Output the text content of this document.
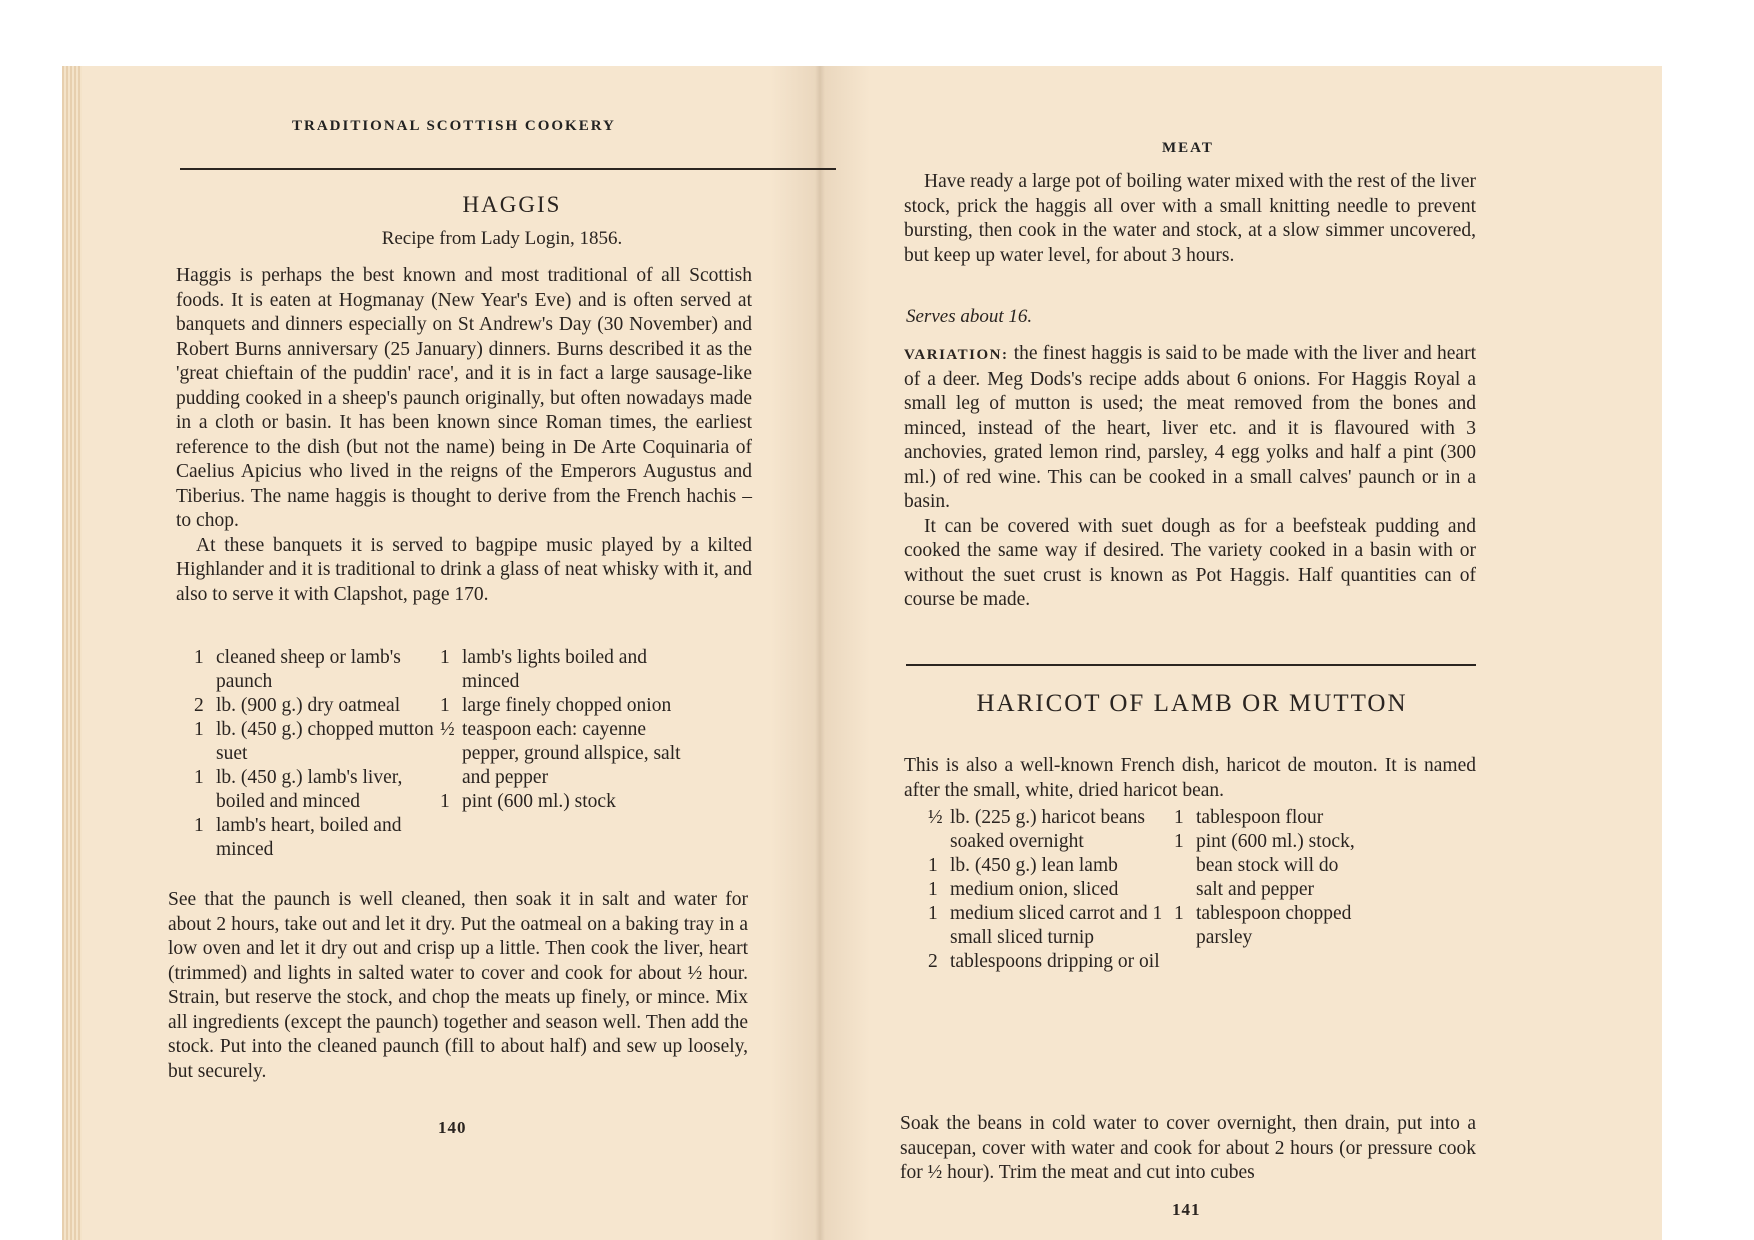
TRADITIONAL SCOTTISH COOKERY
HAGGIS
Recipe from Lady Login, 1856.

Haggis is perhaps the best known and most traditional of all Scottish foods. It is eaten at Hogmanay (New Year's Eve) and is often served at banquets and dinners especially on St Andrew's Day (30 November) and Robert Burns anniversary (25 January) dinners. Burns described it as the 'great chieftain of the puddin' race', and it is in fact a large sausage-like pudding cooked in a sheep's paunch originally, but often nowadays made in a cloth or basin. It has been known since Roman times, the earliest reference to the dish (but not the name) being in De Arte Coquinaria of Caelius Apicius who lived in the reigns of the Emperors Augustus and Tiberius. The name haggis is thought to derive from the French hachis – to chop.

At these banquets it is served to bagpipe music played by a kilted Highlander and it is traditional to drink a glass of neat whisky with it, and also to serve it with Clapshot, page 170.

1 cleaned sheep or lamb's paunch
2 lb. (900 g.) dry oatmeal
1 lb. (450 g.) chopped mutton suet
1 lb. (450 g.) lamb's liver, boiled and minced
1 lamb's heart, boiled and minced
1 lamb's lights boiled and minced
1 large finely chopped onion
½ teaspoon each: cayenne pepper, ground allspice, salt and pepper
1 pint (600 ml.) stock
See that the paunch is well cleaned, then soak it in salt and water for about 2 hours, take out and let it dry. Put the oatmeal on a baking tray in a low oven and let it dry out and crisp up a little. Then cook the liver, heart (trimmed) and lights in salted water to cover and cook for about ½ hour. Strain, but reserve the stock, and chop the meats up finely, or mince. Mix all ingredients (except the paunch) together and season well. Then add the stock. Put into the cleaned paunch (fill to about half) and sew up loosely, but securely.
140
MEAT

Have ready a large pot of boiling water mixed with the rest of the liver stock, prick the haggis all over with a small knitting needle to prevent bursting, then cook in the water and stock, at a slow simmer uncovered, but keep up water level, for about 3 hours.

Serves about 16.

VARIATION: the finest haggis is said to be made with the liver and heart of a deer. Meg Dods's recipe adds about 6 onions. For Haggis Royal a small leg of mutton is used; the meat removed from the bones and minced, instead of the heart, liver etc. and it is flavoured with 3 anchovies, grated lemon rind, parsley, 4 egg yolks and half a pint (300 ml.) of red wine. This can be cooked in a small calves' paunch or in a basin.

It can be covered with suet dough as for a beefsteak pudding and cooked the same way if desired. The variety cooked in a basin with or without the suet crust is known as Pot Haggis. Half quantities can of course be made.

HARICOT OF LAMB OR MUTTON
This is also a well-known French dish, haricot de mouton. It is named after the small, white, dried haricot bean.
½ lb. (225 g.) haricot beans soaked overnight
1 lb. (450 g.) lean lamb
1 medium onion, sliced
1 medium sliced carrot and 1 small sliced turnip
2 tablespoons dripping or oil
1 tablespoon flour
1 pint (600 ml.) stock, bean stock will do
salt and pepper
1 tablespoon chopped parsley
Soak the beans in cold water to cover overnight, then drain, put into a saucepan, cover with water and cook for about 2 hours (or pressure cook for ½ hour). Trim the meat and cut into cubes
141
